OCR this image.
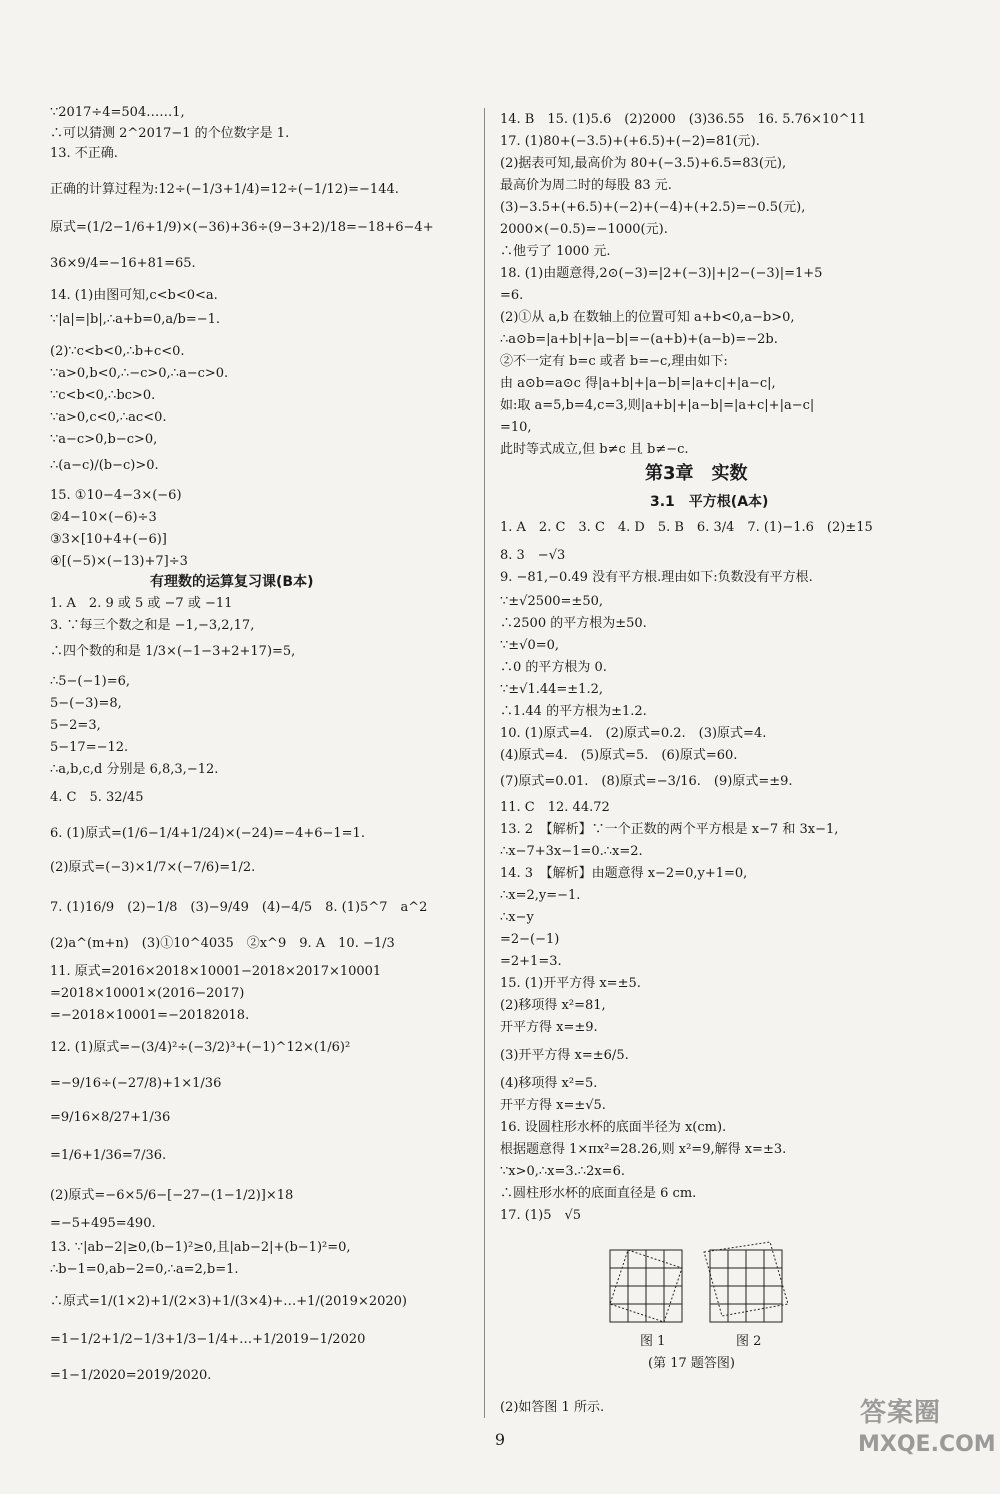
∵2017÷4=504……1,
∴可以猜测 2^2017−1 的个位数字是 1.
13. 不正确.
正确的计算过程为:12÷(−1/3+1/4)=12÷(−1/12)=−144.
原式=(1/2−1/6+1/9)×(−36)+36÷(9−3+2)/18=−18+6−4+
36×9/4=−16+81=65.
14. (1)由图可知,c<b<0<a.
∵|a|=|b|,∴a+b=0,a/b=−1.
(2)∵c<b<0,∴b+c<0.
∵a>0,b<0,∴−c>0,∴a−c>0.
∵c<b<0,∴bc>0.
∵a>0,c<0,∴ac<0.
∵a−c>0,b−c>0,
∴(a−c)/(b−c)>0.
15. ①10−4−3×(−6)
②4−10×(−6)÷3
③3×[10+4+(−6)]
④[(−5)×(−13)+7]÷3
有理数的运算复习课(B本)
1. A　2. 9 或 5 或 −7 或 −11
3. ∵每三个数之和是 −1,−3,2,17,
∴四个数的和是 1/3×(−1−3+2+17)=5,
∴5−(−1)=6,
5−(−3)=8,
5−2=3,
5−17=−12.
∴a,b,c,d 分别是 6,8,3,−12.
4. C　5. 32/45
6. (1)原式=(1/6−1/4+1/24)×(−24)=−4+6−1=1.
(2)原式=(−3)×1/7×(−7/6)=1/2.
7. (1)16/9　(2)−1/8　(3)−9/49　(4)−4/5　8. (1)5^7　a^2
(2)a^(m+n)　(3)①10^4035　②x^9　9. A　10. −1/3
11. 原式=2016×2018×10001−2018×2017×10001
=2018×10001×(2016−2017)
=−2018×10001=−20182018.
12. (1)原式=−(3/4)²÷(−3/2)³+(−1)^12×(1/6)²
=−9/16÷(−27/8)+1×1/36
=9/16×8/27+1/36
=1/6+1/36=7/36.
(2)原式=−6×5/6−[−27−(1−1/2)]×18
=−5+495=490.
13. ∵|ab−2|≥0,(b−1)²≥0,且|ab−2|+(b−1)²=0,
∴b−1=0,ab−2=0,∴a=2,b=1.
∴原式=1/(1×2)+1/(2×3)+1/(3×4)+…+1/(2019×2020)
=1−1/2+1/2−1/3+1/3−1/4+…+1/2019−1/2020
=1−1/2020=2019/2020.
14. B　15. (1)5.6　(2)2000　(3)36.55　16. 5.76×10^11
17. (1)80+(−3.5)+(+6.5)+(−2)=81(元).
(2)据表可知,最高价为 80+(−3.5)+6.5=83(元),
最高价为周二时的每股 83 元.
(3)−3.5+(+6.5)+(−2)+(−4)+(+2.5)=−0.5(元),
2000×(−0.5)=−1000(元).
∴他亏了 1000 元.
18. (1)由题意得,2⊙(−3)=|2+(−3)|+|2−(−3)|=1+5
=6.
(2)①从 a,b 在数轴上的位置可知 a+b<0,a−b>0,
∴a⊙b=|a+b|+|a−b|=−(a+b)+(a−b)=−2b.
②不一定有 b=c 或者 b=−c,理由如下:
由 a⊙b=a⊙c 得|a+b|+|a−b|=|a+c|+|a−c|,
如:取 a=5,b=4,c=3,则|a+b|+|a−b|=|a+c|+|a−c|
=10,
此时等式成立,但 b≠c 且 b≠−c.
第3章　实数
3.1　平方根(A本)
1. A　2. C　3. C　4. D　5. B　6. 3/4　7. (1)−1.6　(2)±15
8. 3　−√3
9. −81,−0.49 没有平方根.理由如下:负数没有平方根.
∵±√2500=±50,
∴2500 的平方根为±50.
∵±√0=0,
∴0 的平方根为 0.
∵±√1.44=±1.2,
∴1.44 的平方根为±1.2.
10. (1)原式=4.　(2)原式=0.2.　(3)原式=4.
(4)原式=4.　(5)原式=5.　(6)原式=60.
(7)原式=0.01.　(8)原式=−3/16.　(9)原式=±9.
11. C　12. 44.72
13. 2　【解析】∵一个正数的两个平方根是 x−7 和 3x−1,
∴x−7+3x−1=0.∴x=2.
14. 3　【解析】由题意得 x−2=0,y+1=0,
∴x=2,y=−1.
∴x−y
=2−(−1)
=2+1=3.
15. (1)开平方得 x=±5.
(2)移项得 x²=81,
开平方得 x=±9.
(3)开平方得 x=±6/5.
(4)移项得 x²=5.
开平方得 x=±√5.
16. 设圆柱形水杯的底面半径为 x(cm).
根据题意得 1×πx²=28.26,则 x²=9,解得 x=±3.
∵x>0,∴x=3.∴2x=6.
∴圆柱形水杯的底面直径是 6 cm.
17. (1)5　√5
(2)如答图 1 所示.
图 1	图 2
(第 17 题答图)
9
答案圈
MXQE.COM
